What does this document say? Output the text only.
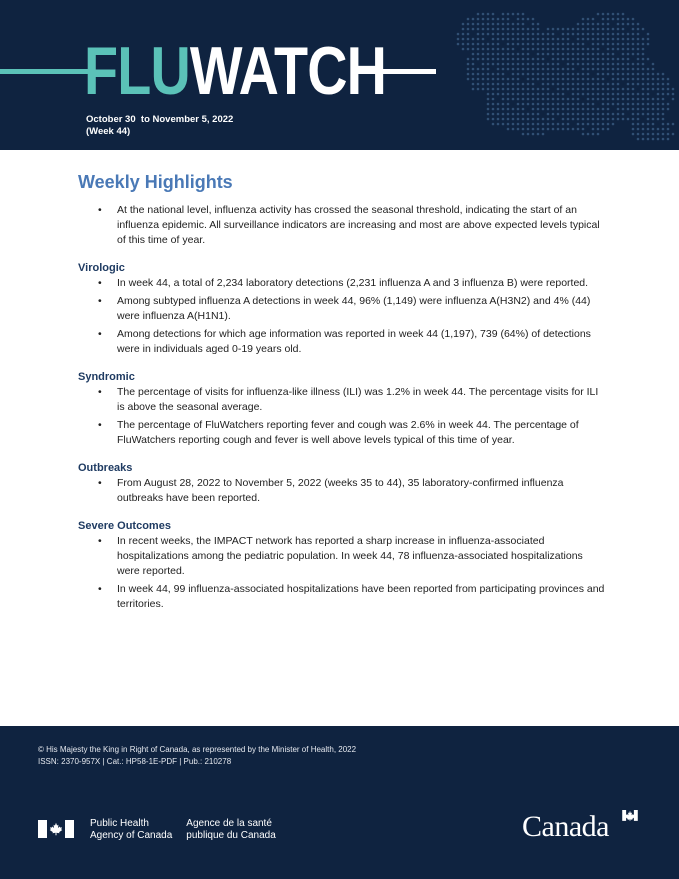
FLUWATCH
October 30  to November 5, 2022
(Week 44)
Weekly Highlights
• At the national level, influenza activity has crossed the seasonal threshold, indicating the start of an influenza epidemic. All surveillance indicators are increasing and most are above expected levels typical of this time of year.
Virologic
• In week 44, a total of 2,234 laboratory detections (2,231 influenza A and 3 influenza B) were reported.
• Among subtyped influenza A detections in week 44, 96% (1,149) were influenza A(H3N2) and 4% (44) were influenza A(H1N1).
• Among detections for which age information was reported in week 44 (1,197), 739 (64%) of detections were in individuals aged 0-19 years old.
Syndromic
• The percentage of visits for influenza-like illness (ILI) was 1.2% in week 44. The percentage visits for ILI is above the seasonal average.
• The percentage of FluWatchers reporting fever and cough was 2.6% in week 44. The percentage of FluWatchers reporting cough and fever is well above levels typical of this time of year.
Outbreaks
• From August 28, 2022 to November 5, 2022 (weeks 35 to 44), 35 laboratory-confirmed influenza outbreaks have been reported.
Severe Outcomes
• In recent weeks, the IMPACT network has reported a sharp increase in influenza-associated hospitalizations among the pediatric population. In week 44, 78 influenza-associated hospitalizations were reported.
• In week 44, 99 influenza-associated hospitalizations have been reported from participating provinces and territories.
© His Majesty the King in Right of Canada, as represented by the Minister of Health, 2022
ISSN: 2370-957X | Cat.: HP58-1E-PDF | Pub.: 210278
Public Health
Agency of Canada
Agence de la santé
publique du Canada	Canada
